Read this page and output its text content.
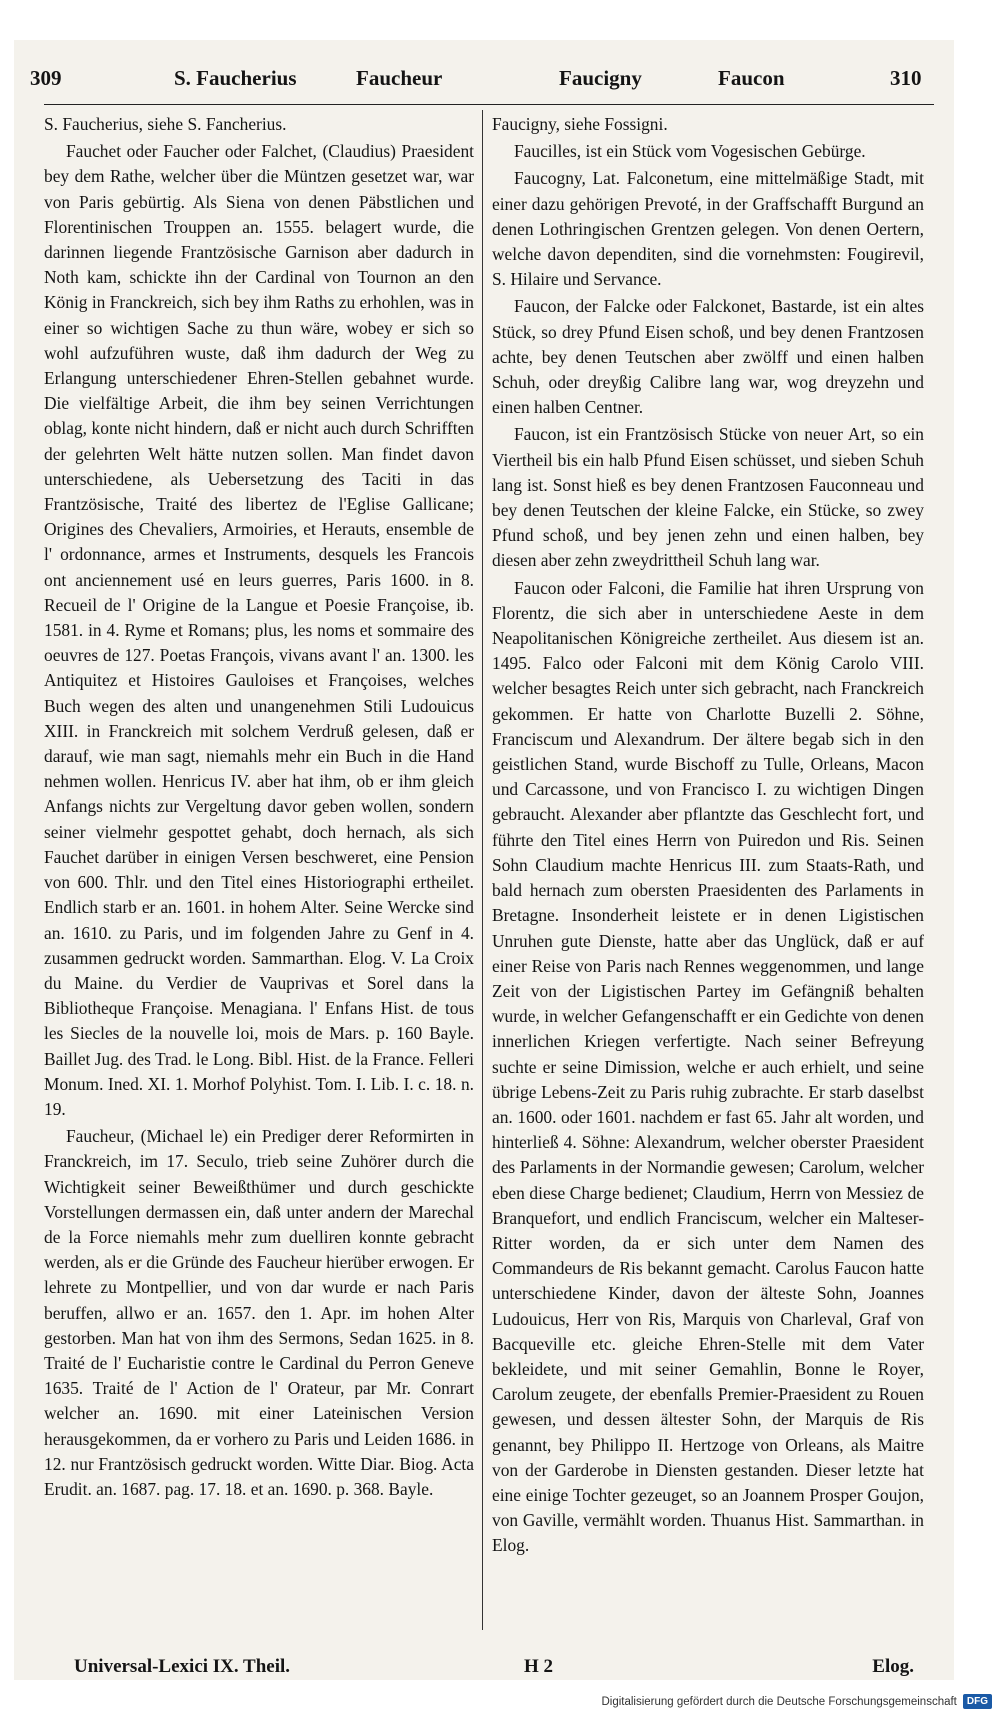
309	S. Faucherius	Faucheur	Faucigny	Faucon	310

S. Faucherius, siehe S. Fancherius.

Fauchet oder Faucher oder Falchet, (Claudius) Praesident bey dem Rathe, welcher über die Müntzen gesetzet war, war von Paris gebürtig. Als Siena von denen Päbstlichen und Florentinischen Trouppen an. 1555. belagert wurde, die darinnen liegende Frantzösische Garnison aber dadurch in Noth kam, schickte ihn der Cardinal von Tournon an den König in Franckreich, sich bey ihm Raths zu erhohlen, was in einer so wichtigen Sache zu thun wäre, wobey er sich so wohl aufzuführen wuste, daß ihm dadurch der Weg zu Erlangung unterschiedener Ehren-Stellen gebahnet wurde. Die vielfältige Arbeit, die ihm bey seinen Verrichtungen oblag, konte nicht hindern, daß er nicht auch durch Schrifften der gelehrten Welt hätte nutzen sollen. Man findet davon unterschiedene, als Uebersetzung des Taciti in das Frantzösische, Traité des libertez de l'Eglise Gallicane; Origines des Chevaliers, Armoiries, et Herauts, ensemble de l' ordonnance, armes et Instruments, desquels les Francois ont anciennement usé en leurs guerres, Paris 1600. in 8. Recueil de l' Origine de la Langue et Poesie Françoise, ib. 1581. in 4. Ryme et Romans; plus, les noms et sommaire des oeuvres de 127. Poetas François, vivans avant l' an. 1300. les Antiquitez et Histoires Gauloises et Françoises, welches Buch wegen des alten und unangenehmen Stili Ludouicus XIII. in Franckreich mit solchem Verdruß gelesen, daß er darauf, wie man sagt, niemahls mehr ein Buch in die Hand nehmen wollen. Henricus IV. aber hat ihm, ob er ihm gleich Anfangs nichts zur Vergeltung davor geben wollen, sondern seiner vielmehr gespottet gehabt, doch hernach, als sich Fauchet darüber in einigen Versen beschweret, eine Pension von 600. Thlr. und den Titel eines Historiographi ertheilet. Endlich starb er an. 1601. in hohem Alter. Seine Wercke sind an. 1610. zu Paris, und im folgenden Jahre zu Genf in 4. zusammen gedruckt worden. Sammarthan. Elog. V. La Croix du Maine. du Verdier de Vauprivas et Sorel dans la Bibliotheque Françoise. Menagiana. l' Enfans Hist. de tous les Siecles de la nouvelle loi, mois de Mars. p. 160 Bayle. Baillet Jug. des Trad. le Long. Bibl. Hist. de la France. Felleri Monum. Ined. XI. 1. Morhof Polyhist. Tom. I. Lib. I. c. 18. n. 19.

Faucheur, (Michael le) ein Prediger derer Reformirten in Franckreich, im 17. Seculo, trieb seine Zuhörer durch die Wichtigkeit seiner Beweißthümer und durch geschickte Vorstellungen dermassen ein, daß unter andern der Marechal de la Force niemahls mehr zum duelliren konnte gebracht werden, als er die Gründe des Faucheur hierüber erwogen. Er lehrete zu Montpellier, und von dar wurde er nach Paris beruffen, allwo er an. 1657. den 1. Apr. im hohen Alter gestorben. Man hat von ihm des Sermons, Sedan 1625. in 8. Traité de l' Eucharistie contre le Cardinal du Perron Geneve 1635. Traité de l' Action de l' Orateur, par Mr. Conrart welcher an. 1690. mit einer Lateinischen Version herausgekommen, da er vorhero zu Paris und Leiden 1686. in 12. nur Frantzösisch gedruckt worden. Witte Diar. Biog. Acta Erudit. an. 1687. pag. 17. 18. et an. 1690. p. 368. Bayle.

Faucigny, siehe Fossigni.

Faucilles, ist ein Stück vom Vogesischen Gebürge.

Faucogny, Lat. Falconetum, eine mittelmäßige Stadt, mit einer dazu gehörigen Prevoté, in der Graffschafft Burgund an denen Lothringischen Grentzen gelegen. Von denen Oertern, welche davon dependiten, sind die vornehmsten: Fougirevil, S. Hilaire und Servance.

Faucon, der Falcke oder Falckonet, Bastarde, ist ein altes Stück, so drey Pfund Eisen schoß, und bey denen Frantzosen achte, bey denen Teutschen aber zwölff und einen halben Schuh, oder dreyßig Calibre lang war, wog dreyzehn und einen halben Centner.

Faucon, ist ein Frantzösisch Stücke von neuer Art, so ein Viertheil bis ein halb Pfund Eisen schüsset, und sieben Schuh lang ist. Sonst hieß es bey denen Frantzosen Fauconneau und bey denen Teutschen der kleine Falcke, ein Stücke, so zwey Pfund schoß, und bey jenen zehn und einen halben, bey diesen aber zehn zweydrittheil Schuh lang war.

Faucon oder Falconi, die Familie hat ihren Ursprung von Florentz, die sich aber in unterschiedene Aeste in dem Neapolitanischen Königreiche zertheilet. Aus diesem ist an. 1495. Falco oder Falconi mit dem König Carolo VIII. welcher besagtes Reich unter sich gebracht, nach Franckreich gekommen. Er hatte von Charlotte Buzelli 2. Söhne, Franciscum und Alexandrum. Der ältere begab sich in den geistlichen Stand, wurde Bischoff zu Tulle, Orleans, Macon und Carcassone, und von Francisco I. zu wichtigen Dingen gebraucht. Alexander aber pflantzte das Geschlecht fort, und führte den Titel eines Herrn von Puiredon und Ris. Seinen Sohn Claudium machte Henricus III. zum Staats-Rath, und bald hernach zum obersten Praesidenten des Parlaments in Bretagne. Insonderheit leistete er in denen Ligistischen Unruhen gute Dienste, hatte aber das Unglück, daß er auf einer Reise von Paris nach Rennes weggenommen, und lange Zeit von der Ligistischen Partey im Gefängniß behalten wurde, in welcher Gefangenschafft er ein Gedichte von denen innerlichen Kriegen verfertigte. Nach seiner Befreyung suchte er seine Dimission, welche er auch erhielt, und seine übrige Lebens-Zeit zu Paris ruhig zubrachte. Er starb daselbst an. 1600. oder 1601. nachdem er fast 65. Jahr alt worden, und hinterließ 4. Söhne: Alexandrum, welcher oberster Praesident des Parlaments in der Normandie gewesen; Carolum, welcher eben diese Charge bedienet; Claudium, Herrn von Messiez de Branquefort, und endlich Franciscum, welcher ein Malteser-Ritter worden, da er sich unter dem Namen des Commandeurs de Ris bekannt gemacht. Carolus Faucon hatte unterschiedene Kinder, davon der älteste Sohn, Joannes Ludouicus, Herr von Ris, Marquis von Charleval, Graf von Bacqueville etc. gleiche Ehren-Stelle mit dem Vater bekleidete, und mit seiner Gemahlin, Bonne le Royer, Carolum zeugete, der ebenfalls Premier-Praesident zu Rouen gewesen, und dessen ältester Sohn, der Marquis de Ris genannt, bey Philippo II. Hertzoge von Orleans, als Maitre von der Garderobe in Diensten gestanden. Dieser letzte hat eine einige Tochter gezeuget, so an Joannem Prosper Goujon, von Gaville, vermählt worden. Thuanus Hist. Sammarthan. in Elog.

Universal-Lexici IX. Theil.	H 2	Elog.
Digitalisierung gefördert durch die Deutsche Forschungsgemeinschaft	DFG
